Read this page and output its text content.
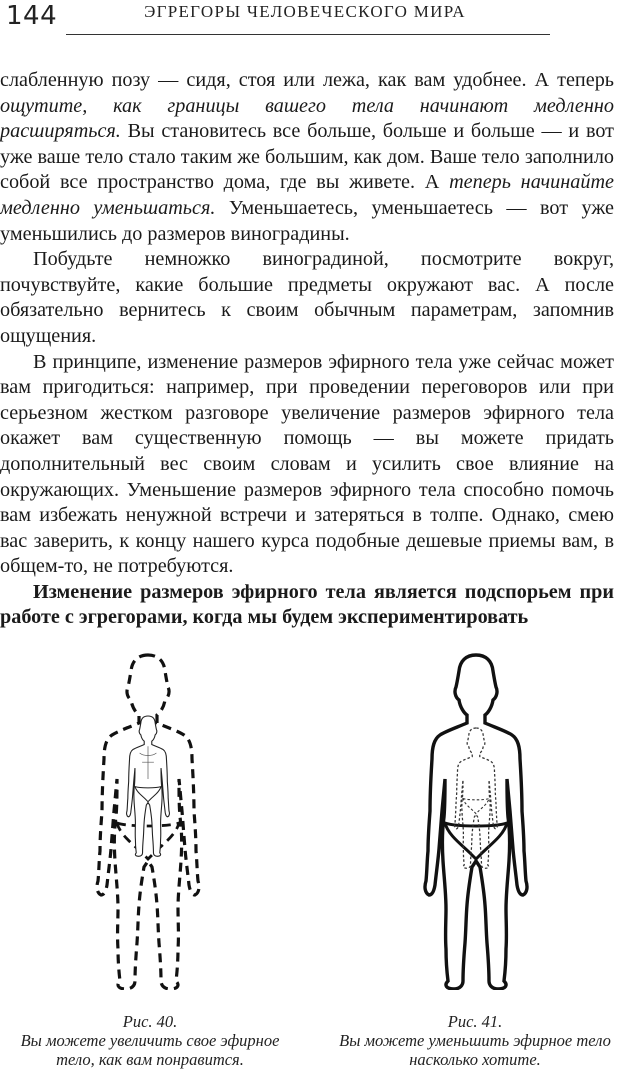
144	ЭГРЕГОРЫ ЧЕЛОВЕЧЕСКОГО МИРА

слабленную позу — сидя, стоя или лежа, как вам удобнее. А теперь ощутите, как границы вашего тела начинают медленно расширяться. Вы становитесь все больше, больше и больше — и вот уже ваше тело стало таким же большим, как дом. Ваше тело заполнило собой все пространство дома, где вы живете. А теперь начинайте медленно уменьшаться. Уменьшаетесь, уменьшаетесь — вот уже уменьшились до размеров виноградины.

Побудьте немножко виноградиной, посмотрите вокруг, почувствуйте, какие большие предметы окружают вас. А после обязательно вернитесь к своим обычным параметрам, запомнив ощущения.

В принципе, изменение размеров эфирного тела уже сейчас может вам пригодиться: например, при проведении переговоров или при серьезном жестком разговоре увеличение размеров эфирного тела окажет вам существенную помощь — вы можете придать дополнительный вес своим словам и усилить свое влияние на окружающих. Уменьшение размеров эфирного тела способно помочь вам избежать ненужной встречи и затеряться в толпе. Однако, смею вас заверить, к концу нашего курса подобные дешевые приемы вам, в общем-то, не потребуются.

Изменение размеров эфирного тела является подспорьем при работе с эгрегорами, когда мы будем экспериментировать

Рис. 40.
Вы можете увеличить свое эфирное тело, как вам понравится.
Рис. 41.
Вы можете уменьшить эфирное тело насколько хотите.
